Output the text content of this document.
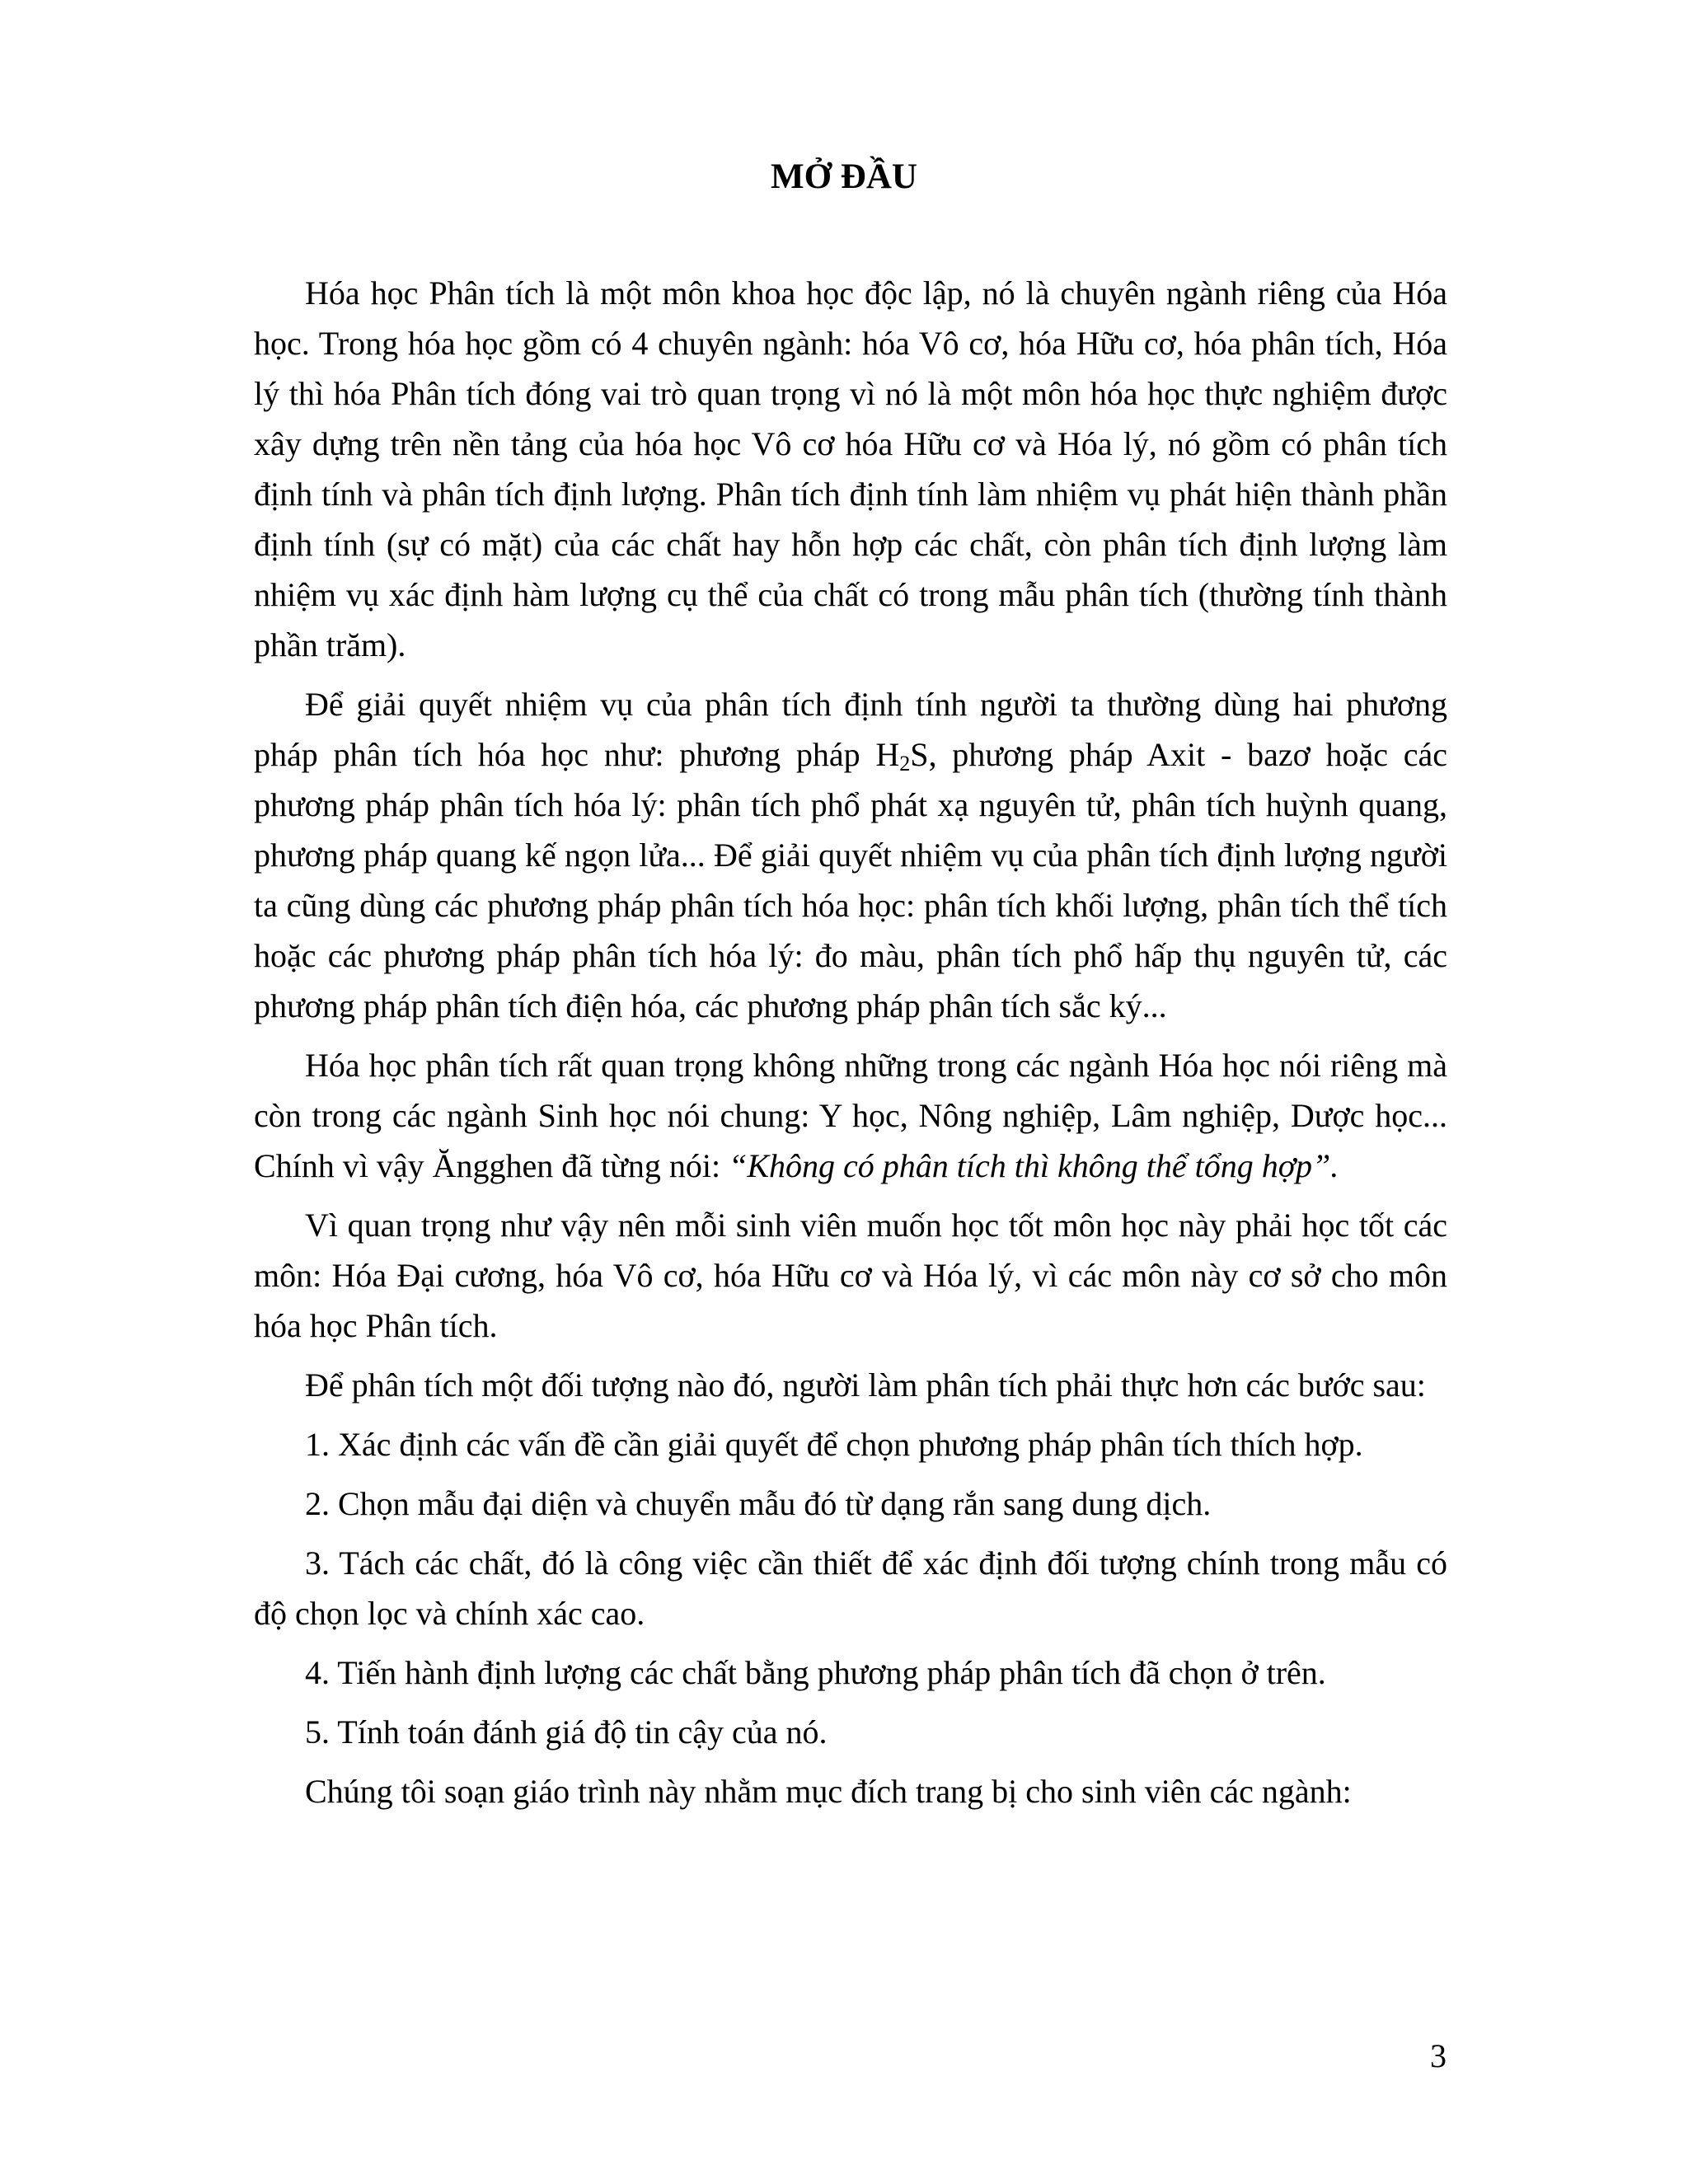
MỞ ĐẦU

Hóa học Phân tích là một môn khoa học độc lập, nó là chuyên ngành riêng của Hóa học. Trong hóa học gồm có 4 chuyên ngành: hóa Vô cơ, hóa Hữu cơ, hóa phân tích, Hóa lý thì hóa Phân tích đóng vai trò quan trọng vì nó là một môn hóa học thực nghiệm được xây dựng trên nền tảng của hóa học Vô cơ hóa Hữu cơ và Hóa lý, nó gồm có phân tích định tính và phân tích định lượng. Phân tích định tính làm nhiệm vụ phát hiện thành phần định tính (sự có mặt) của các chất hay hỗn hợp các chất, còn phân tích định lượng làm nhiệm vụ xác định hàm lượng cụ thể của chất có trong mẫu phân tích (thường tính thành phần trăm).

Để giải quyết nhiệm vụ của phân tích định tính người ta thường dùng hai phương pháp phân tích hóa học như: phương pháp $H_2S$, phương pháp Axit - bazơ hoặc các phương pháp phân tích hóa lý: phân tích phổ phát xạ nguyên tử, phân tích huỳnh quang, phương pháp quang kế ngọn lửa... Để giải quyết nhiệm vụ của phân tích định lượng người ta cũng dùng các phương pháp phân tích hóa học: phân tích khối lượng, phân tích thể tích hoặc các phương pháp phân tích hóa lý: đo màu, phân tích phổ hấp thụ nguyên tử, các phương pháp phân tích điện hóa, các phương pháp phân tích sắc ký...

Hóa học phân tích rất quan trọng không những trong các ngành Hóa học nói riêng mà còn trong các ngành Sinh học nói chung: Y học, Nông nghiệp, Lâm nghiệp, Dược học... Chính vì vậy Ăngghen đã từng nói: “Không có phân tích thì không thể tổng hợp”.

Vì quan trọng như vậy nên mỗi sinh viên muốn học tốt môn học này phải học tốt các môn: Hóa Đại cương, hóa Vô cơ, hóa Hữu cơ và Hóa lý, vì các môn này cơ sở cho môn hóa học Phân tích.

Để phân tích một đối tượng nào đó, người làm phân tích phải thực hơn các bước sau:

1. Xác định các vấn đề cần giải quyết để chọn phương pháp phân tích thích hợp.

2. Chọn mẫu đại diện và chuyển mẫu đó từ dạng rắn sang dung dịch.

3. Tách các chất, đó là công việc cần thiết để xác định đối tượng chính trong mẫu có độ chọn lọc và chính xác cao.

4. Tiến hành định lượng các chất bằng phương pháp phân tích đã chọn ở trên.

5. Tính toán đánh giá độ tin cậy của nó.

Chúng tôi soạn giáo trình này nhằm mục đích trang bị cho sinh viên các ngành:

3
